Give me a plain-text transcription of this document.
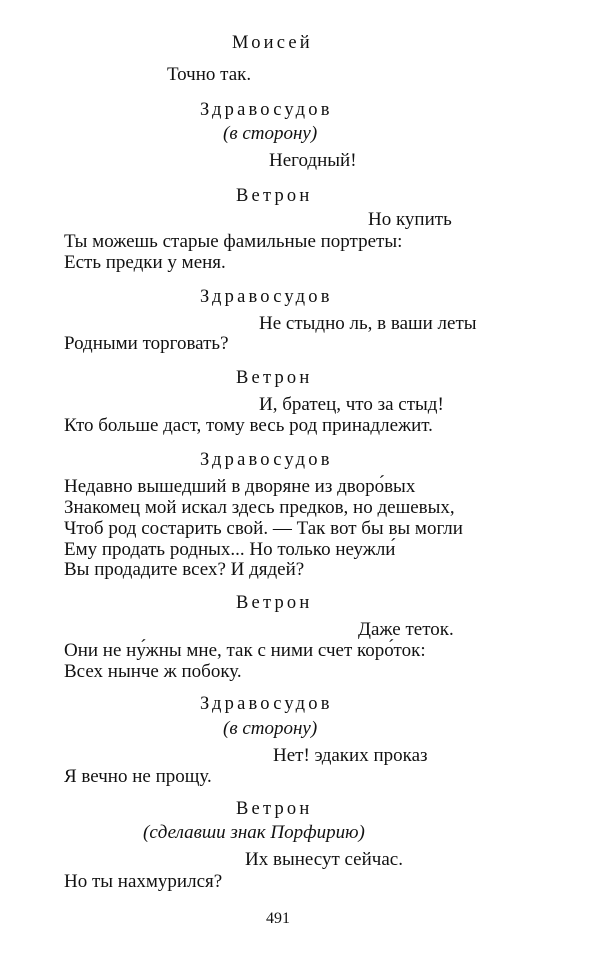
Моисей
Точно так.
Здравосудов
(в сторону)
Негодный!
Ветрон
Но купить
Ты можешь старые фамильные портреты:
Есть предки у меня.
Здравосудов
Не стыдно ль, в ваши леты
Родными торговать?
Ветрон
И, братец, что за стыд!
Кто больше даст, тому весь род принадлежит.
Здравосудов
Недавно вышедший в дворяне из дворо́вых
Знакомец мой искал здесь предков, но дешевых,
Чтоб род состарить свой. — Так вот бы вы могли
Ему продать родных... Но только неужли́
Вы продадите всех? И дядей?
Ветрон
Даже теток.
Они не ну́жны мне, так с ними счет коро́ток:
Всех нынче ж побоку.
Здравосудов
(в сторону)
Нет! эдаких проказ
Я вечно не прощу.
Ветрон
(сделавши знак Порфирию)
Их вынесут сейчас.
Но ты нахмурился?
491
